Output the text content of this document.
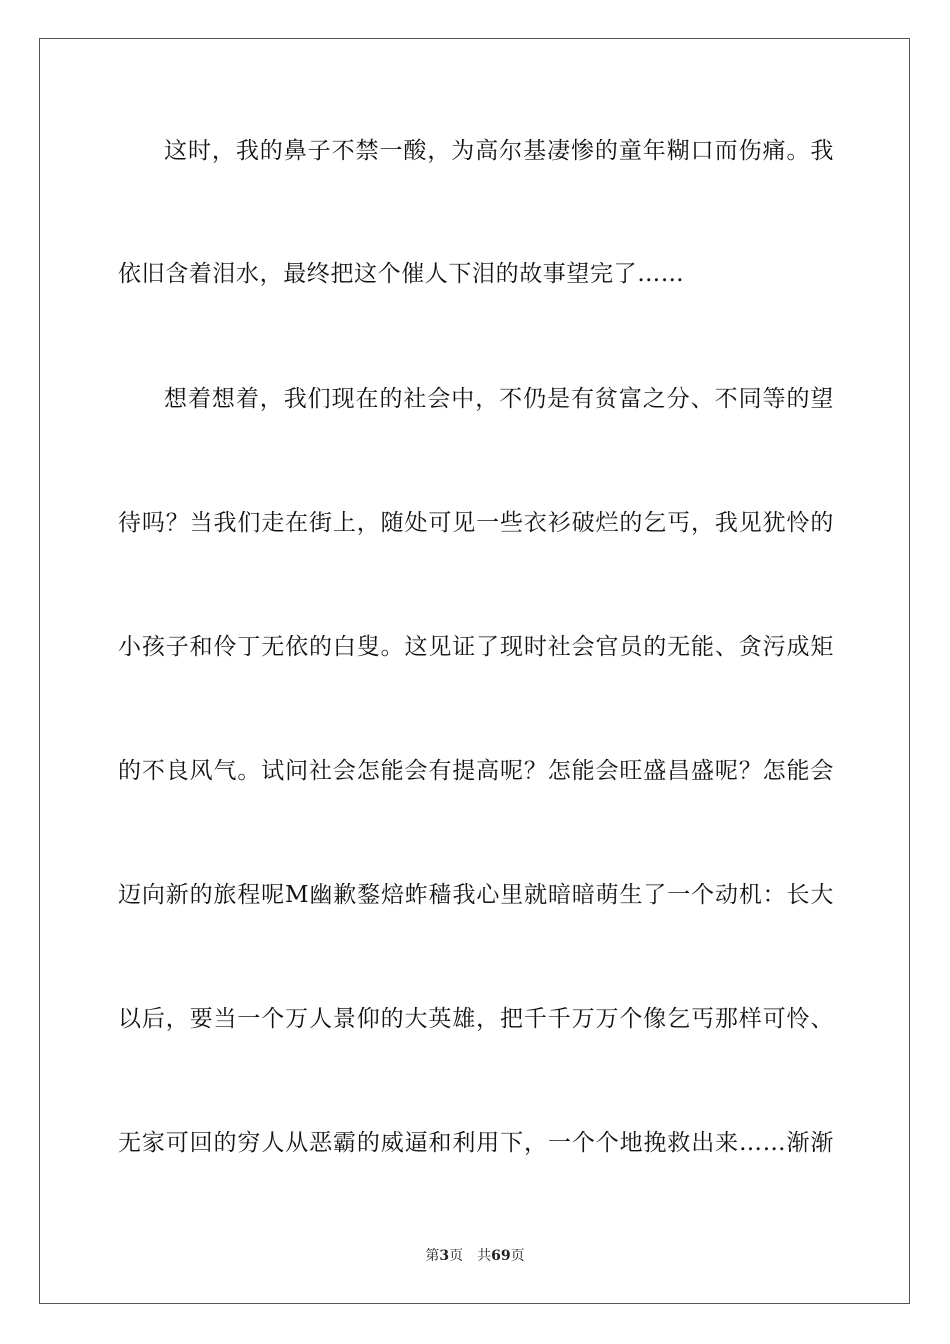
这时，我的鼻子不禁一酸，为高尔基凄惨的童年糊口而伤痛。我
依旧含着泪水，最终把这个催人下泪的故事望完了……
想着想着，我们现在的社会中，不仍是有贫富之分、不同等的望
待吗？当我们走在街上，随处可见一些衣衫破烂的乞丐，我见犹怜的
小孩子和伶丁无依的白叟。这见证了现时社会官员的无能、贪污成矩
的不良风气。试问社会怎能会有提高呢？怎能会旺盛昌盛呢？怎能会
迈向新的旅程呢M幽歉鍪焙蚱穑我心里就暗暗萌生了一个动机：长大
以后，要当一个万人景仰的大英雄，把千千万万个像乞丐那样可怜、
无家可回的穷人从恶霸的威逼和利用下，一个个地挽救出来……渐渐
第3页 共69页
